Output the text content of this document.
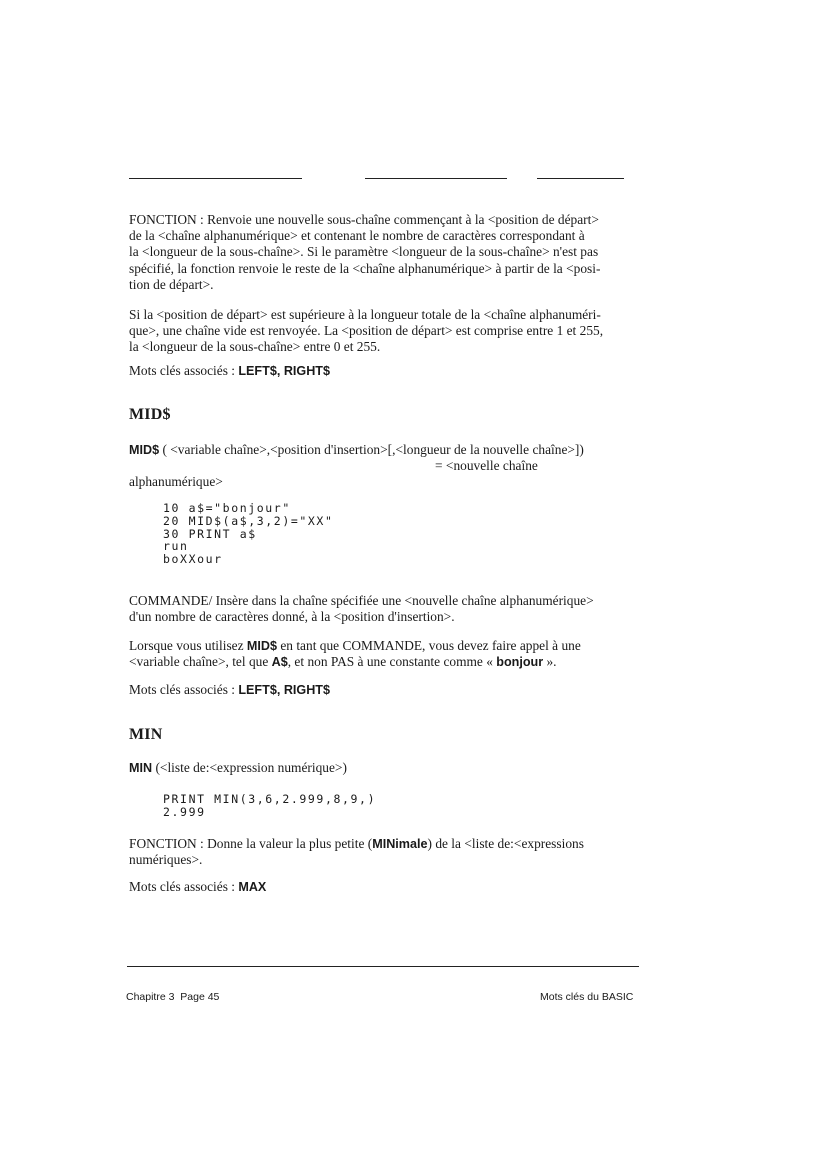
FONCTION : Renvoie une nouvelle sous-chaîne commençant à la <position de départ>

de la <chaîne alphanumérique> et contenant le nombre de caractères correspondant à

la <longueur de la sous-chaîne>. Si le paramètre <longueur de la sous-chaîne> n'est pas

spécifié, la fonction renvoie le reste de la <chaîne alphanumérique> à partir de la <posi-

tion de départ>.

Si la <position de départ> est supérieure à la longueur totale de la <chaîne alphanuméri-

que>, une chaîne vide est renvoyée. La <position de départ> est comprise entre 1 et 255,

la <longueur de la sous-chaîne> entre 0 et 255.

Mots clés associés : LEFT$, RIGHT$

MID$

MID$ ( <variable chaîne>,<position d'insertion>[,<longueur de la nouvelle chaîne>])

= <nouvelle chaîne

alphanumérique>

10 a$="bonjour"
20 MID$(a$,3,2)="XX"
30 PRINT a$
run
boXXour

COMMANDE/ Insère dans la chaîne spécifiée une <nouvelle chaîne alphanumérique>

d'un nombre de caractères donné, à la <position d'insertion>.

Lorsque vous utilisez MID$ en tant que COMMANDE, vous devez faire appel à une

<variable chaîne>, tel que A$, et non PAS à une constante comme « bonjour ».

Mots clés associés : LEFT$, RIGHT$

MIN

MIN (<liste de:<expression numérique>)

PRINT MIN(3,6,2.999,8,9,)
2.999

FONCTION : Donne la valeur la plus petite (MINimale) de la <liste de:<expressions

numériques>.

Mots clés associés : MAX

Chapitre 3  Page 45	Mots clés du BASIC
